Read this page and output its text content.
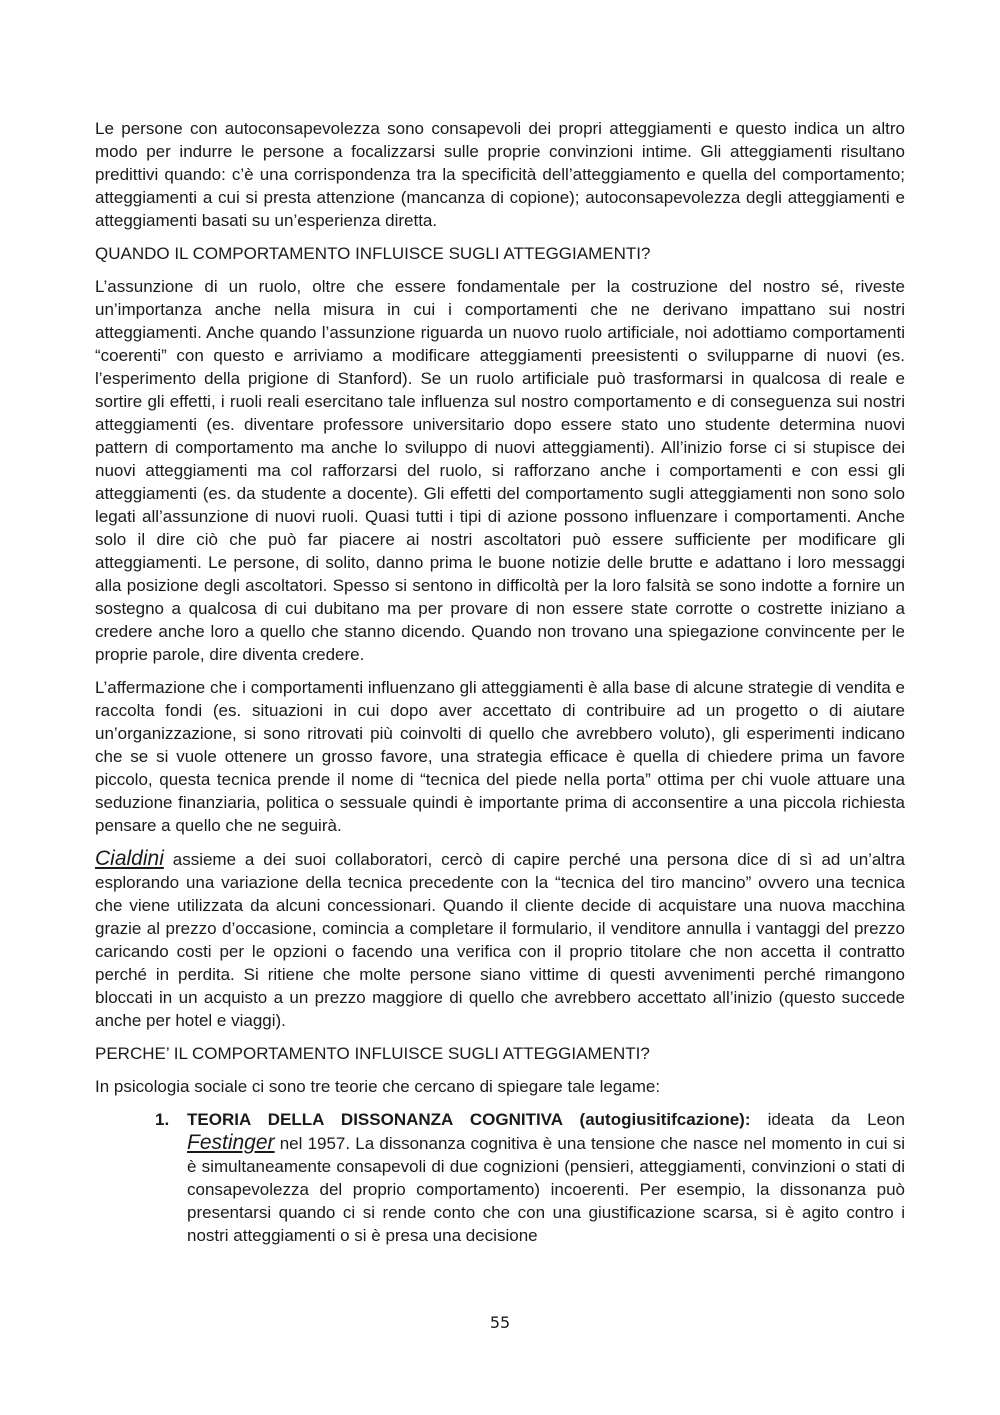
Le persone con autoconsapevolezza sono consapevoli dei propri atteggiamenti e questo indica un altro modo per indurre le persone a focalizzarsi sulle proprie convinzioni intime. Gli atteggiamenti risultano predittivi quando: c’è una corrispondenza tra la specificità dell’atteggiamento e quella del comportamento; atteggiamenti a cui si presta attenzione (mancanza di copione); autoconsapevolezza degli atteggiamenti e atteggiamenti basati su un’esperienza diretta.

QUANDO IL COMPORTAMENTO INFLUISCE SUGLI ATTEGGIAMENTI?

L’assunzione di un ruolo, oltre che essere fondamentale per la costruzione del nostro sé, riveste un’importanza anche nella misura in cui i comportamenti che ne derivano impattano sui nostri atteggiamenti. Anche quando l’assunzione riguarda un nuovo ruolo artificiale, noi adottiamo comportamenti “coerenti” con questo e arriviamo a modificare atteggiamenti preesistenti o svilupparne di nuovi (es. l’esperimento della prigione di Stanford). Se un ruolo artificiale può trasformarsi in qualcosa di reale e sortire gli effetti, i ruoli reali esercitano tale influenza sul nostro comportamento e di conseguenza sui nostri atteggiamenti (es. diventare professore universitario dopo essere stato uno studente determina nuovi pattern di comportamento ma anche lo sviluppo di nuovi atteggiamenti). All’inizio forse ci si stupisce dei nuovi atteggiamenti ma col rafforzarsi del ruolo, si rafforzano anche i comportamenti e con essi gli atteggiamenti (es. da studente a docente). Gli effetti del comportamento sugli atteggiamenti non sono solo legati all’assunzione di nuovi ruoli. Quasi tutti i tipi di azione possono influenzare i comportamenti. Anche solo il dire ciò che può far piacere ai nostri ascoltatori può essere sufficiente per modificare gli atteggiamenti. Le persone, di solito, danno prima le buone notizie delle brutte e adattano i loro messaggi alla posizione degli ascoltatori. Spesso si sentono in difficoltà per la loro falsità se sono indotte a fornire un sostegno a qualcosa di cui dubitano ma per provare di non essere state corrotte o costrette iniziano a credere anche loro a quello che stanno dicendo. Quando non trovano una spiegazione convincente per le proprie parole, dire diventa credere.

L’affermazione che i comportamenti influenzano gli atteggiamenti è alla base di alcune strategie di vendita e raccolta fondi (es. situazioni in cui dopo aver accettato di contribuire ad un progetto o di aiutare un’organizzazione, si sono ritrovati più coinvolti di quello che avrebbero voluto), gli esperimenti indicano che se si vuole ottenere un grosso favore, una strategia efficace è quella di chiedere prima un favore piccolo, questa tecnica prende il nome di “tecnica del piede nella porta” ottima per chi vuole attuare una seduzione finanziaria, politica o sessuale quindi è importante prima di acconsentire a una piccola richiesta pensare a quello che ne seguirà.

Cialdini assieme a dei suoi collaboratori, cercò di capire perché una persona dice di sì ad un’altra esplorando una variazione della tecnica precedente con la “tecnica del tiro mancino” ovvero una tecnica che viene utilizzata da alcuni concessionari. Quando il cliente decide di acquistare una nuova macchina grazie al prezzo d’occasione, comincia a completare il formulario, il venditore annulla i vantaggi del prezzo caricando costi per le opzioni o facendo una verifica con il proprio titolare che non accetta il contratto perché in perdita. Si ritiene che molte persone siano vittime di questi avvenimenti perché rimangono bloccati in un acquisto a un prezzo maggiore di quello che avrebbero accettato all’inizio (questo succede anche per hotel e viaggi).

PERCHE’ IL COMPORTAMENTO INFLUISCE SUGLI ATTEGGIAMENTI?

In psicologia sociale ci sono tre teorie che cercano di spiegare tale legame:

1. TEORIA DELLA DISSONANZA COGNITIVA (autogiusitifcazione): ideata da Leon Festinger nel 1957. La dissonanza cognitiva è una tensione che nasce nel momento in cui si è simultaneamente consapevoli di due cognizioni (pensieri, atteggiamenti, convinzioni o stati di consapevolezza del proprio comportamento) incoerenti. Per esempio, la dissonanza può presentarsi quando ci si rende conto che con una giustificazione scarsa, si è agito contro i nostri atteggiamenti o si è presa una decisione
55
